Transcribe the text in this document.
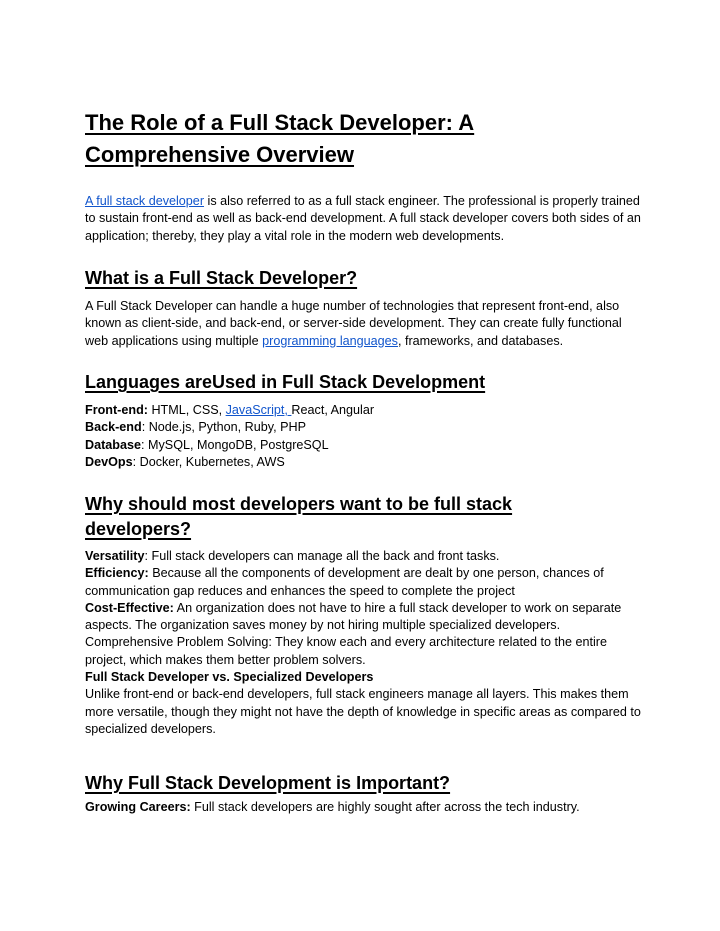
The Role of a Full Stack Developer: A Comprehensive Overview

A full stack developer is also referred to as a full stack engineer. The professional is properly trained to sustain front-end as well as back-end development. A full stack developer covers both sides of an application; thereby, they play a vital role in the modern web developments.

What is a Full Stack Developer?

A Full Stack Developer can handle a huge number of technologies that represent front-end, also known as client-side, and back-end, or server-side development. They can create fully functional web applications using multiple programming languages, frameworks, and databases.

Languages areUsed in Full Stack Development

Front-end: HTML, CSS, JavaScript, React, Angular
Back-end: Node.js, Python, Ruby, PHP
Database: MySQL, MongoDB, PostgreSQL
DevOps: Docker, Kubernetes, AWS

Why should most developers want to be full stack developers?

Versatility: Full stack developers can manage all the back and front tasks.
Efficiency: Because all the components of development are dealt by one person, chances of communication gap reduces and enhances the speed to complete the project
Cost-Effective: An organization does not have to hire a full stack developer to work on separate aspects. The organization saves money by not hiring multiple specialized developers.
Comprehensive Problem Solving: They know each and every architecture related to the entire project, which makes them better problem solvers.
Full Stack Developer vs. Specialized Developers
Unlike front-end or back-end developers, full stack engineers manage all layers. This makes them more versatile, though they might not have the depth of knowledge in specific areas as compared to specialized developers.

Why Full Stack Development is Important?

Growing Careers: Full stack developers are highly sought after across the tech industry.
